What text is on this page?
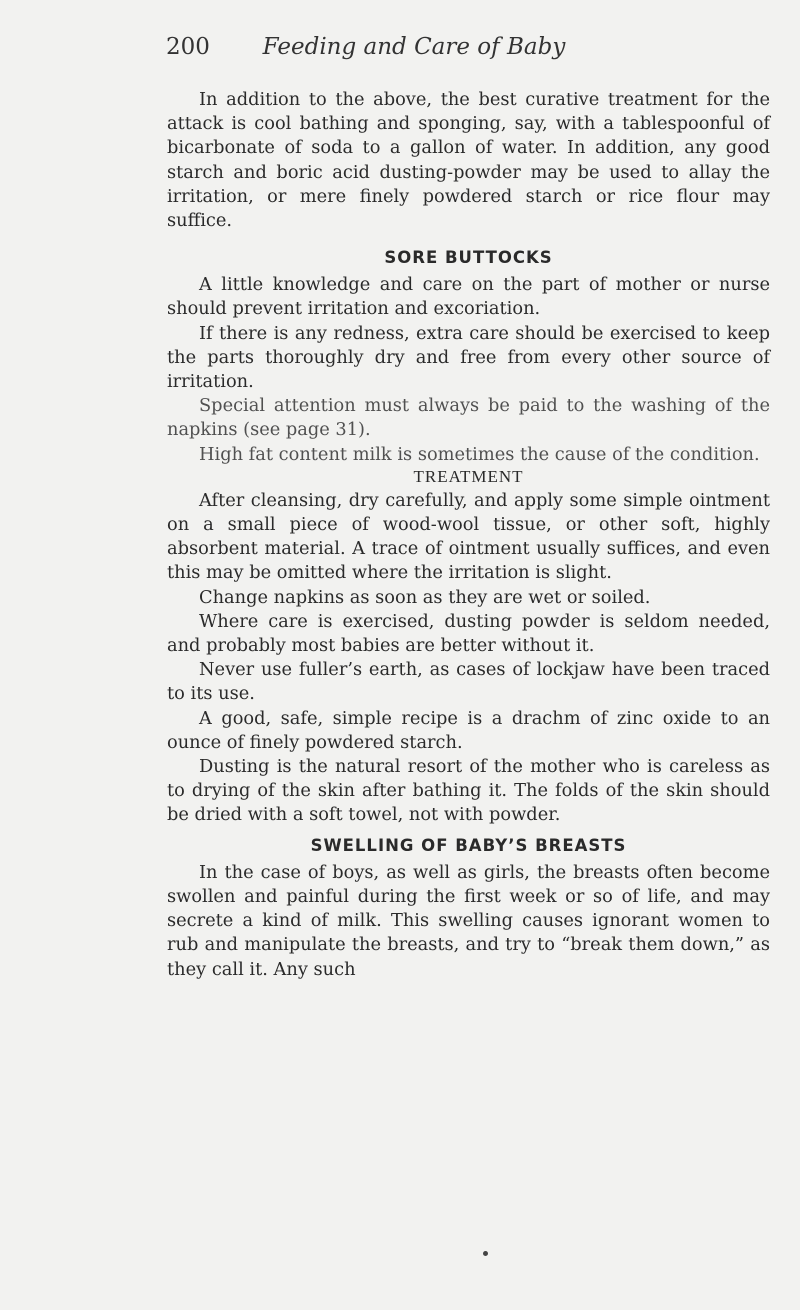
200	Feeding and Care of Baby

In addition to the above, the best curative treatment for the attack is cool bathing and sponging, say, with a tablespoonful of bicarbonate of soda to a gallon of water. In addition, any good starch and boric acid dusting-powder may be used to allay the irritation, or mere finely powdered starch or rice flour may suffice.

SORE BUTTOCKS

A little knowledge and care on the part of mother or nurse should prevent irritation and excoriation.

If there is any redness, extra care should be exercised to keep the parts thoroughly dry and free from every other source of irritation.

Special attention must always be paid to the washing of the napkins (see page 31).

High fat content milk is sometimes the cause of the condition.

TREATMENT

After cleansing, dry carefully, and apply some simple ointment on a small piece of wood-wool tissue, or other soft, highly absorbent material. A trace of ointment usually suffices, and even this may be omitted where the irritation is slight.

Change napkins as soon as they are wet or soiled.

Where care is exercised, dusting powder is seldom needed, and probably most babies are better without it.

Never use fuller’s earth, as cases of lockjaw have been traced to its use.

A good, safe, simple recipe is a drachm of zinc oxide to an ounce of finely powdered starch.

Dusting is the natural resort of the mother who is careless as to drying of the skin after bathing it. The folds of the skin should be dried with a soft towel, not with powder.

SWELLING OF BABY’S BREASTS

In the case of boys, as well as girls, the breasts often become swollen and painful during the first week or so of life, and may secrete a kind of milk. This swelling causes ignorant women to rub and manipulate the breasts, and try to “break them down,” as they call it. Any such
